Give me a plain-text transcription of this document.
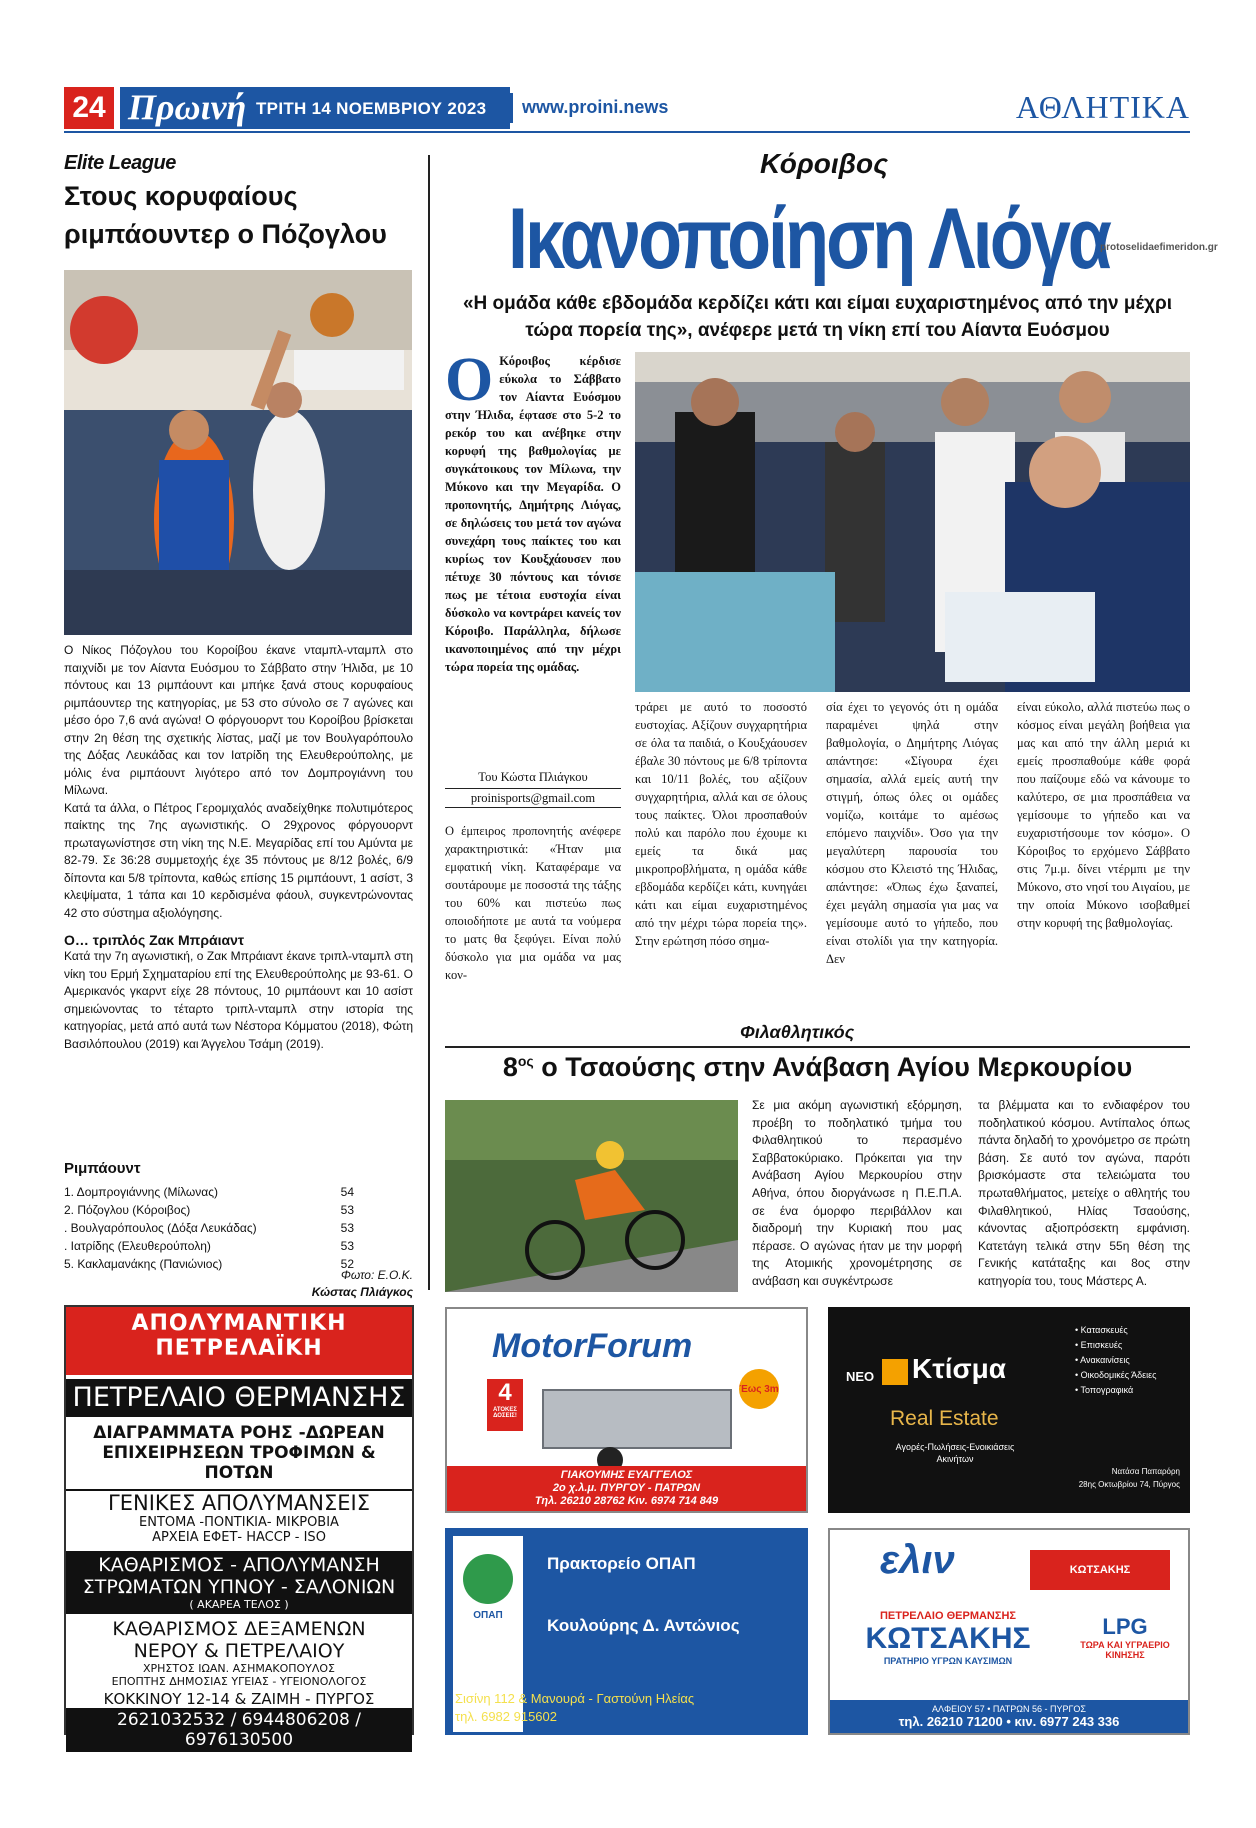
24 Πρωινή ΤΡΙΤΗ 14 ΝΟΕΜΒΡΙΟΥ 2023 www.proini.news	ΑΘΛΗΤΙΚΑ
Elite League
Στους κορυφαίους
ριμπάουντερ ο Πόζογλου

Ο Νίκος Πόζογλου του Κοροίβου έκανε νταμπλ-νταμπλ στο παιχνίδι με τον Αίαντα Ευόσμου το Σάββατο στην Ήλιδα, με 10 πόντους και 13 ριμπάουντ και μπήκε ξανά στους κορυφαίους ριμπάουντερ της κατηγορίας, με 53 στο σύνολο σε 7 αγώνες και μέσο όρο 7,6 ανά αγώνα! Ο φόργουορντ του Κοροίβου βρίσκεται στην 2η θέση της σχετικής λίστας, μαζί με τον Βουλγαρόπουλο της Δόξας Λευκάδας και τον Ιατρίδη της Ελευθερούπολης, με μόλις ένα ριμπάουντ λιγότερο από τον Δομπρογιάννη του Μίλωνα.

Κατά τα άλλα, ο Πέτρος Γερομιχαλός αναδείχθηκε πολυτιμότερος παίκτης της 7ης αγωνιστικής. Ο 29χρονος φόργουορντ πρωταγωνίστησε στη νίκη της Ν.Ε. Μεγαρίδας επί του Αμύντα με 82-79. Σε 36:28 συμμετοχής έχε 35 πόντους με 8/12 βολές, 6/9 δίποντα και 5/8 τρίποντα, καθώς επίσης 15 ριμπάουντ, 1 ασίστ, 3 κλεψίματα, 1 τάπα και 10 κερδισμένα φάουλ, συγκεντρώνοντας 42 στο σύστημα αξιολόγησης.

Ο… τριπλός Ζακ Μπράιαντ

Κατά την 7η αγωνιστική, ο Ζακ Μπράιαντ έκανε τριπλ-νταμπλ στη νίκη του Ερμή Σχηματαρίου επί της Ελευθερούπολης με 93-61. Ο Αμερικανός γκαρντ είχε 28 πόντους, 10 ριμπάουντ και 10 ασίστ σημειώνοντας το τέταρτο τριπλ-νταμπλ στην ιστορία της κατηγορίας, μετά από αυτά των Νέστορα Κόμματου (2018), Φώτη Βασιλόπουλου (2019) και Άγγελου Τσάμη (2019).

Ριμπάουντ
1. Δομπρογιάννης (Μίλωνας)	54
2. Πόζογλου (Κόροιβος)	53
. Βουλγαρόπουλος (Δόξα Λευκάδας)	53
. Ιατρίδης (Ελευθερούπολη)	53
5. Κακλαμανάκης (Πανιώνιος)	52
Φωτο: Ε.Ο.Κ.
Κώστας Πλιάγκος
Κόροιβος
Ικανοποίηση Λιόγα
protoselidaefimeridon.gr
«Η ομάδα κάθε εβδομάδα κερδίζει κάτι και είμαι ευχαριστημένος από την μέχρι τώρα πορεία της», ανέφερε μετά τη νίκη επί του Αίαντα Ευόσμου
Ο Κόροιβος κέρδισε εύκολα το Σάββατο τον Αίαντα Ευόσμου στην Ήλιδα, έφτασε στο 5-2 το ρεκόρ του και ανέβηκε στην κορυφή της βαθμολογίας με συγκάτοικους τον Μίλωνα, την Μύκονο και την Μεγαρίδα. Ο προπονητής, Δημήτρης Λιόγας, σε δηλώσεις του μετά τον αγώνα συνεχάρη τους παίκτες του και κυρίως τον Κουξχάουσεν που πέτυχε 30 πόντους και τόνισε πως με τέτοια ευστοχία είναι δύσκολο να κοντράρει κανείς τον Κόροιβο. Παράλληλα, δήλωσε ικανοποιημένος από την μέχρι τώρα πορεία της ομάδας.
Του Κώστα Πλιάγκου
proinisports@gmail.com
Ο έμπειρος προπονητής ανέφερε χαρακτηριστικά: «Ήταν μια εμφατική νίκη. Καταφέραμε να σουτάρουμε με ποσοστά της τάξης του 60% και πιστεύω πως οποιοδήποτε με αυτά τα νούμερα το ματς θα ξεφύγει. Είναι πολύ δύσκολο για μια ομάδα να μας κον-
τράρει με αυτό το ποσοστό ευστοχίας. Αξίζουν συγχαρητήρια σε όλα τα παιδιά, ο Κουξχάουσεν έβαλε 30 πόντους με 6/8 τρίποντα και 10/11 βολές, του αξίζουν συγχαρητήρια, αλλά και σε όλους τους παίκτες. Όλοι προσπαθούν πολύ και παρόλο που έχουμε κι εμείς τα δικά μας μικροπροβλήματα, η ομάδα κάθε εβδομάδα κερδίζει κάτι, κυνηγάει κάτι και είμαι ευχαριστημένος από την μέχρι τώρα πορεία της». Στην ερώτηση πόσο σημα-
σία έχει το γεγονός ότι η ομάδα παραμένει ψηλά στην βαθμολογία, ο Δημήτρης Λιόγας απάντησε: «Σίγουρα έχει σημασία, αλλά εμείς αυτή την στιγμή, όπως όλες οι ομάδες νομίζω, κοιτάμε το αμέσως επόμενο παιχνίδι». Όσο για την μεγαλύτερη παρουσία του κόσμου στο Κλειστό της Ήλιδας, απάντησε: «Όπως έχω ξαναπεί, έχει μεγάλη σημασία για μας να γεμίσουμε αυτό το γήπεδο, που είναι στολίδι για την κατηγορία. Δεν
είναι εύκολο, αλλά πιστεύω πως ο κόσμος είναι μεγάλη βοήθεια για μας και από την άλλη μεριά κι εμείς προσπαθούμε κάθε φορά που παίζουμε εδώ να κάνουμε το καλύτερο, σε μια προσπάθεια να γεμίσουμε το γήπεδο και να ευχαριστήσουμε τον κόσμο». Ο Κόροιβος το ερχόμενο Σάββατο στις 7μ.μ. δίνει ντέρμπι με την Μύκονο, στο νησί του Αιγαίου, με την οποία Μύκονο ισοβαθμεί στην κορυφή της βαθμολογίας.
Φιλαθλητικός
$8^{o\varsigma}$ ο Τσαούσης στην Ανάβαση Αγίου Μερκουρίου
Σε μια ακόμη αγωνιστική εξόρμηση, προέβη το ποδηλατικό τμήμα του Φιλαθλητικού το περασμένο Σαββατοκύριακο. Πρόκειται για την Ανάβαση Αγίου Μερκουρίου στην Αθήνα, όπου διοργάνωσε η Π.Ε.Π.Α. σε ένα όμορφο περιβάλλον και διαδρομή την Κυριακή που μας πέρασε. Ο αγώνας ήταν με την μορφή της Ατομικής χρονομέτρησης σε ανάβαση και συγκέντρωσε
τα βλέμματα και το ενδιαφέρον του ποδηλατικού κόσμου. Αντίπαλος όπως πάντα δηλαδή το χρονόμετρο σε πρώτη βάση. Σε αυτό τον αγώνα, παρότι βρισκόμαστε στα τελειώματα του πρωταθλήματος, μετείχε ο αθλητής του Φιλαθλητικού, Ηλίας Τσαούσης, κάνοντας αξιοπρόσεκτη εμφάνιση. Κατετάγη τελικά στην 55η θέση της Γενικής κατάταξης και 8ος στην κατηγορία του, τους Μάστερς Α.
ΑΠΟΛΥΜΑΝΤΙΚΗ
ΠΕΤΡΕΛΑΪΚΗ
ΠΕΤΡΕΛΑΙΟ ΘΕΡΜΑΝΣΗΣ
ΔΙΑΓΡΑΜΜΑΤΑ ΡΟΗΣ -ΔΩΡΕΑΝ
ΕΠΙΧΕΙΡΗΣΕΩΝ ΤΡΟΦΙΜΩΝ & ΠΟΤΩΝ
ΓΕΝΙΚΕΣ ΑΠΟΛΥΜΑΝΣΕΙΣ
ΕΝΤΟΜΑ -ΠΟΝΤΙΚΙΑ- ΜΙΚΡΟΒΙΑ
ΑΡΧΕΙΑ ΕΦΕΤ- HACCP - ISO
ΚΑΘΑΡΙΣΜΟΣ - ΑΠΟΛΥΜΑΝΣΗ
ΣΤΡΩΜΑΤΩΝ ΥΠΝΟΥ - ΣΑΛΟΝΙΩΝ
( ΑΚΑΡΕΑ ΤΕΛΟΣ )
ΚΑΘΑΡΙΣΜΟΣ ΔΕΞΑΜΕΝΩΝ
ΝΕΡΟΥ & ΠΕΤΡΕΛΑΙΟΥ
ΧΡΗΣΤΟΣ ΙΩΑΝ. ΑΣΗΜΑΚΟΠΟΥΛΟΣ
ΕΠΟΠΤΗΣ ΔΗΜΟΣΙΑΣ ΥΓΕΙΑΣ - ΥΓΕΙΟΝΟΛΟΓΟΣ
ΚΟΚΚΙΝΟΥ 12-14 & ΖΑΙΜΗ - ΠΥΡΓΟΣ
2621032532 / 6944806208 / 6976130500
MotorForum
4
ΑΤΟΚΕΣ ΔΟΣΕΙΣ!
Έως 3m
ΓΙΑΚΟΥΜΗΣ ΕΥΑΓΓΕΛΟΣ
2ο χ.λ.μ. ΠΥΡΓΟΥ - ΠΑΤΡΩΝ
Τηλ. 26210 28762 Κιν. 6974 714 849
ΝΕΟ Κτίσμα
Real Estate
Αγορές-Πωλήσεις-Ενοικιάσεις
Ακινήτων
• Κατασκευές
• Επισκευές
• Ανακαινίσεις
• Οικοδομικές Άδειες
• Τοπογραφικά
Νατάσα Παπαρόρη
28ης Οκτωβρίου 74, Πύργος
ΟΠΑΠ
Πρακτορείο ΟΠΑΠ
Κουλούρης Δ. Αντώνιος
Σισίνη 112 & Μανουρά - Γαστούνη Ηλείας
τηλ. 6982 915602
ελιν	ΚΩΤΣΑΚΗΣ
ΠΕΤΡΕΛΑΙΟ ΘΕΡΜΑΝΣΗΣ
ΚΩΤΣΑΚΗΣ
ΠΡΑΤΗΡΙΟ ΥΓΡΩΝ ΚΑΥΣΙΜΩΝ
LPG
ΤΩΡΑ ΚΑΙ ΥΓΡΑΕΡΙΟ ΚΙΝΗΣΗΣ
ΑΛΦΕΙΟΥ 57 • ΠΑΤΡΩΝ 56 - ΠΥΡΓΟΣ
τηλ. 26210 71200 • κιν. 6977 243 336
